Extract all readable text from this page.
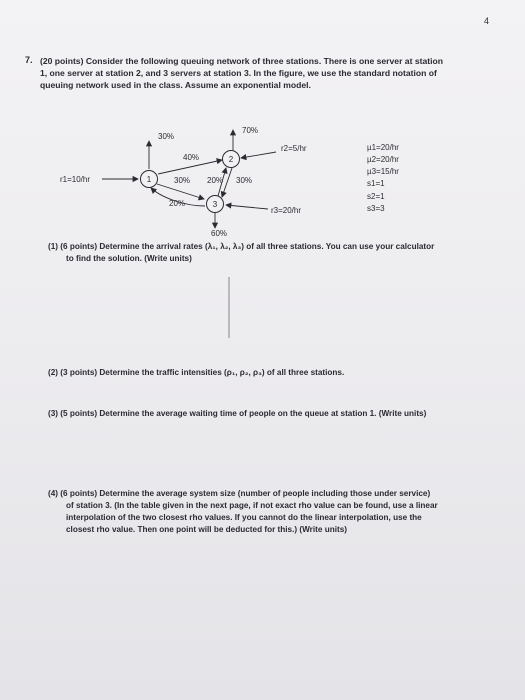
4
7. (20 points) Consider the following queuing network of three stations. There is one server at station
1, one server at station 2, and 3 servers at station 3. In the figure, we use the standard notation of
queuing network used in the class. Assume an exponential model.
1
2
3
r1=10/hr
r2=5/hr
r3=20/hr
30%
70%
40%
30% 20% 30%
20%
60%
µ1=20/hr
µ2=20/hr
µ3=15/hr
s1=1
s2=1
s3=3
(1) (6 points) Determine the arrival rates (λ₁, λ₂, λ₃) of all three stations. You can use your calculator
to find the solution. (Write units)
(2) (3 points) Determine the traffic intensities (ρ₁, ρ₂, ρ₃) of all three stations.
(3) (5 points) Determine the average waiting time of people on the queue at station 1. (Write units)
(4) (6 points) Determine the average system size (number of people including those under service)
of station 3. (In the table given in the next page, if not exact rho value can be found, use a linear
interpolation of the two closest rho values. If you cannot do the linear interpolation, use the
closest rho value. Then one point will be deducted for this.) (Write units)
